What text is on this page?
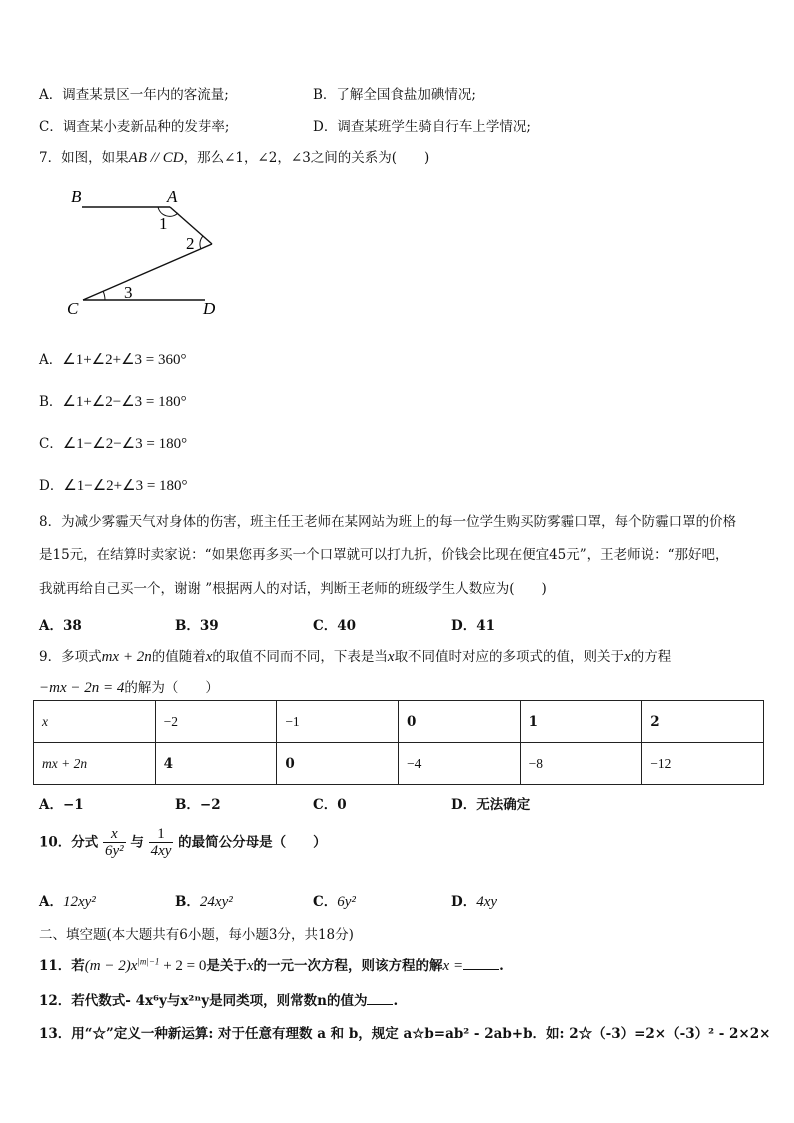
A．调查某景区一年内的客流量;	B．了解全国食盐加碘情况;
C．调查某小麦新品种的发芽率;	D．调查某班学生骑自行车上学情况;
7．如图，如果AB // CD，那么∠1，∠2，∠3之间的关系为(　　)
B	A
C	D
1
2
3
A．∠1+∠2+∠3 = 360°
B．∠1+∠2−∠3 = 180°
C．∠1−∠2−∠3 = 180°
D．∠1−∠2+∠3 = 180°
8．为减少雾霾天气对身体的伤害，班主任王老师在某网站为班上的每一位学生购买防雾霾口罩，每个防霾口罩的价格
是15元，在结算时卖家说：“如果您再多买一个口罩就可以打九折，价钱会比现在便宜45元”，王老师说：“那好吧，
我就再给自己买一个，谢谢 ”根据两人的对话，判断王老师的班级学生人数应为(　　)
A．38	B．39	C．40	D．41
9．多项式mx + 2n的值随着x的取值不同而不同，下表是当x取不同值时对应的多项式的值，则关于x的方程
−mx − 2n = 4的解为（　　）
x	−2	−1	0	1	2
mx + 2n	4	0	−4	−8	−12
A．−1	B．−2	C．0	D．无法确定
10．分式 $\frac{x}{\text{6y²}}$ 与 $\frac{1}{4xy}$ 的最简公分母是（　　）
A．12xy²	B．24xy²	C．6y²	D．4xy
二、填空题(本大题共有6小题，每小题3分，共18分)
11．若$(m - 2)x^{|m|-1} + 2 = 0$是关于x的一元一次方程，则该方程的解x =	.
12．若代数式- 4x⁶y与x²ⁿy是同类项，则常数n的值为 .
13．用“☆”定义一种新运算: 对于任意有理数 a 和 b，规定 a☆b=ab² - 2ab+b．如: 2☆（-3）=2×（-3）² - 2×2×
